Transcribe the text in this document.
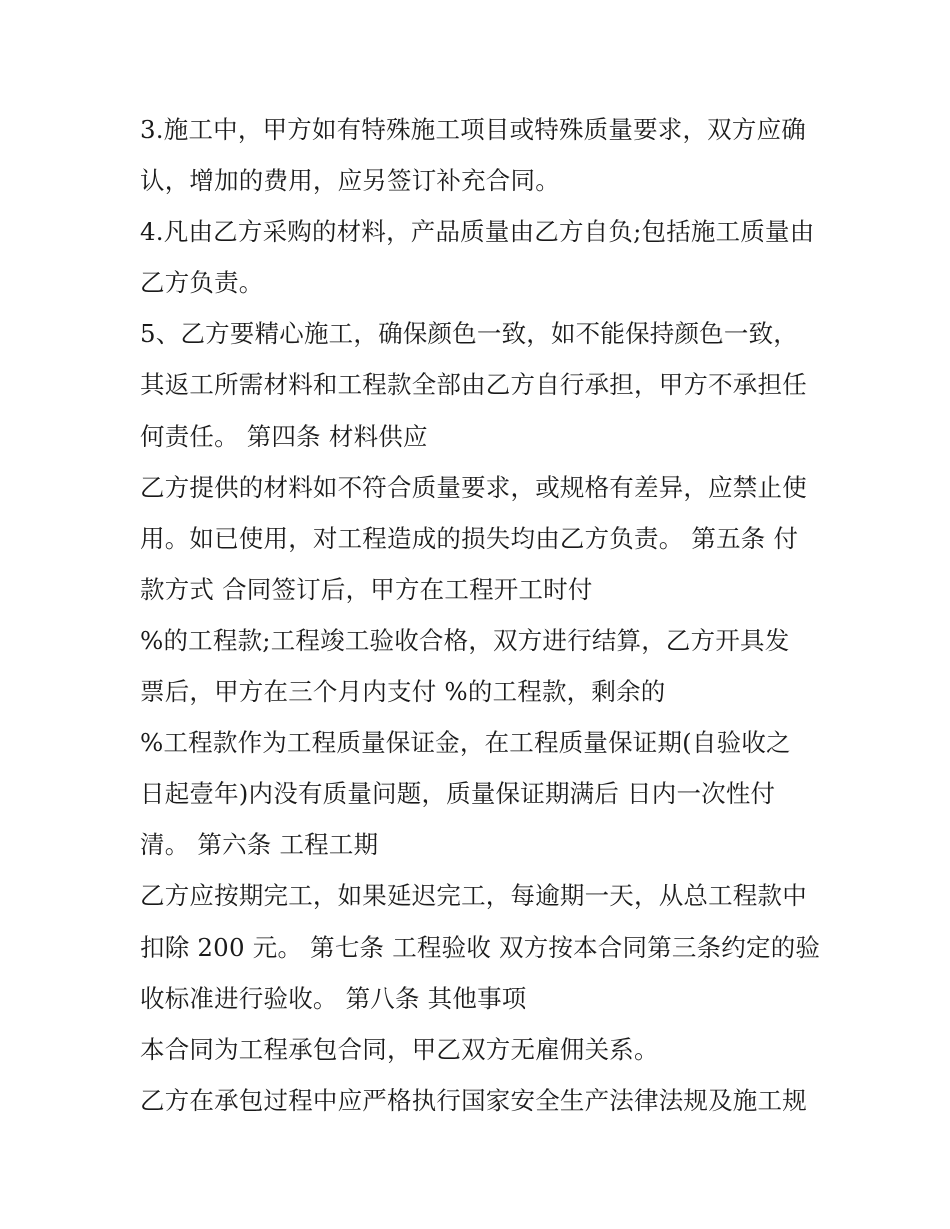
3.施工中，甲方如有特殊施工项目或特殊质量要求，双方应确
认，增加的费用，应另签订补充合同。
4.凡由乙方采购的材料，产品质量由乙方自负;包括施工质量由
乙方负责。
5、乙方要精心施工，确保颜色一致，如不能保持颜色一致，
其返工所需材料和工程款全部由乙方自行承担，甲方不承担任
何责任。 第四条 材料供应
乙方提供的材料如不符合质量要求，或规格有差异，应禁止使
用。如已使用，对工程造成的损失均由乙方负责。 第五条 付
款方式 合同签订后，甲方在工程开工时付
%的工程款;工程竣工验收合格，双方进行结算，乙方开具发
票后，甲方在三个月内支付 %的工程款，剩余的
%工程款作为工程质量保证金，在工程质量保证期(自验收之
日起壹年)内没有质量问题，质量保证期满后 日内一次性付
清。 第六条 工程工期
乙方应按期完工，如果延迟完工，每逾期一天，从总工程款中
扣除 200 元。 第七条 工程验收 双方按本合同第三条约定的验
收标准进行验收。 第八条 其他事项
本合同为工程承包合同，甲乙双方无雇佣关系。
乙方在承包过程中应严格执行国家安全生产法律法规及施工规
